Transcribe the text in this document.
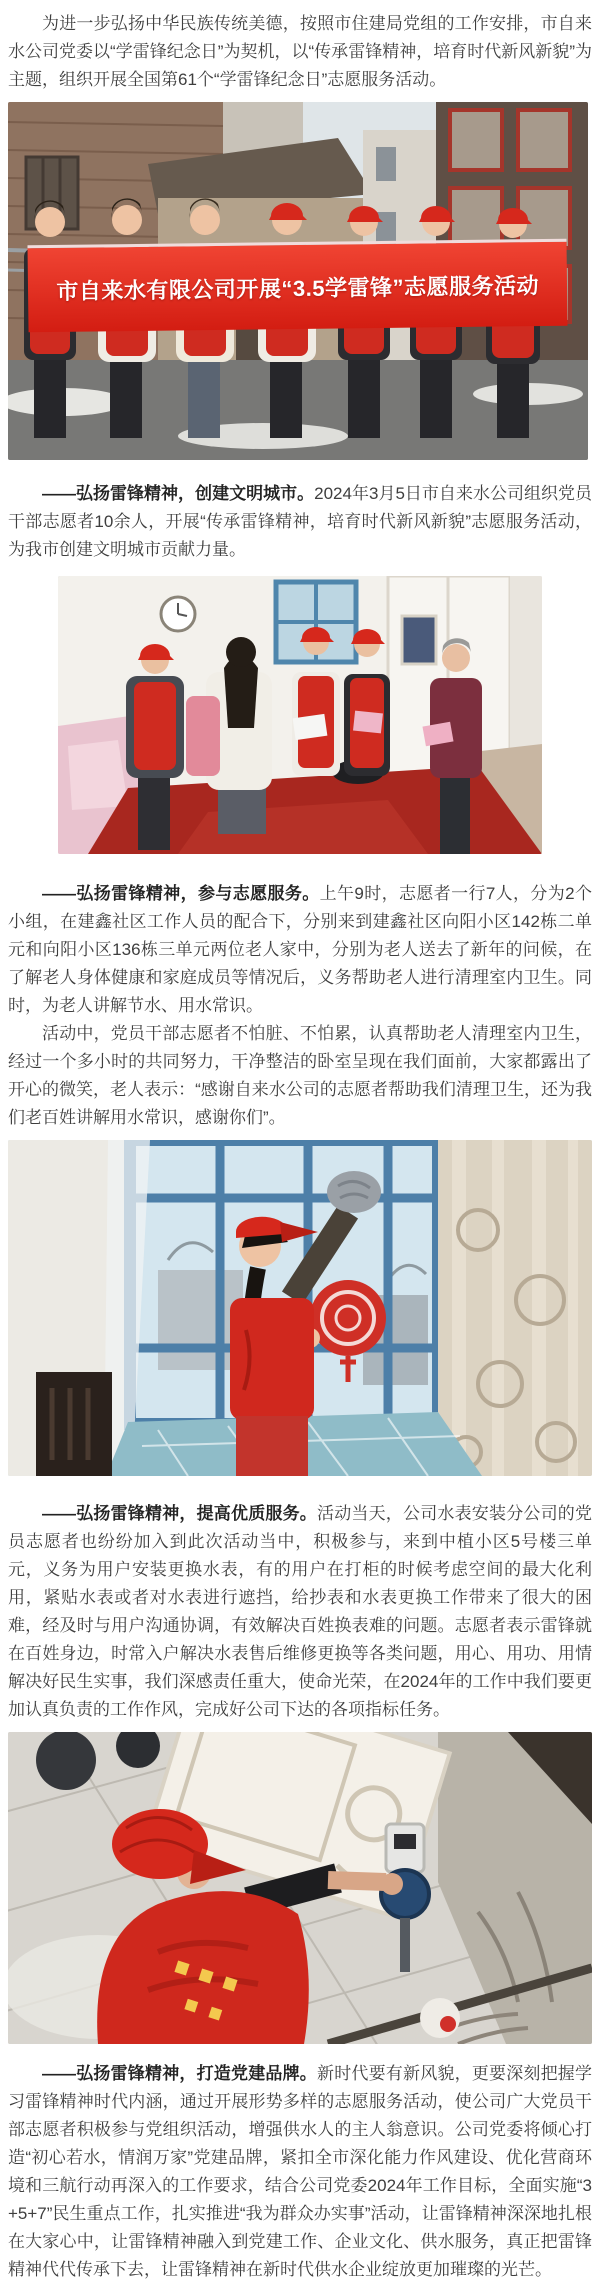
为进一步弘扬中华民族传统美德，按照市住建局党组的工作安排，市自来水公司党委以“学雷锋纪念日”为契机，以“传承雷锋精神，培育时代新风新貌”为主题，组织开展全国第61个“学雷锋纪念日”志愿服务活动。

市自来水有限公司开展“3.5学雷锋”志愿服务活动

——弘扬雷锋精神，创建文明城市。2024年3月5日市自来水公司组织党员干部志愿者10余人，开展“传承雷锋精神，培育时代新风新貌”志愿服务活动，为我市创建文明城市贡献力量。

——弘扬雷锋精神，参与志愿服务。上午9时，志愿者一行7人，分为2个小组，在建鑫社区工作人员的配合下，分别来到建鑫社区向阳小区142栋二单元和向阳小区136栋三单元两位老人家中，分别为老人送去了新年的问候，在了解老人身体健康和家庭成员等情况后，义务帮助老人进行清理室内卫生。同时，为老人讲解节水、用水常识。

活动中，党员干部志愿者不怕脏、不怕累，认真帮助老人清理室内卫生，经过一个多小时的共同努力，干净整洁的卧室呈现在我们面前，大家都露出了开心的微笑，老人表示：“感谢自来水公司的志愿者帮助我们清理卫生，还为我们老百姓讲解用水常识，感谢你们”。

——弘扬雷锋精神，提高优质服务。活动当天，公司水表安装分公司的党员志愿者也纷纷加入到此次活动当中，积极参与，来到中植小区5号楼三单元，义务为用户安装更换水表，有的用户在打柜的时候考虑空间的最大化利用，紧贴水表或者对水表进行遮挡，给抄表和水表更换工作带来了很大的困难，经及时与用户沟通协调，有效解决百姓换表难的问题。志愿者表示雷锋就在百姓身边，时常入户解决水表售后维修更换等各类问题，用心、用功、用情解决好民生实事，我们深感责任重大，使命光荣，在2024年的工作中我们要更加认真负责的工作作风，完成好公司下达的各项指标任务。

——弘扬雷锋精神，打造党建品牌。新时代要有新风貌，更要深刻把握学习雷锋精神时代内涵，通过开展形势多样的志愿服务活动，使公司广大党员干部志愿者积极参与党组织活动，增强供水人的主人翁意识。公司党委将倾心打造“初心若水，情润万家”党建品牌，紧扣全市深化能力作风建设、优化营商环境和三航行动再深入的工作要求，结合公司党委2024年工作目标，全面实施“3+5+7”民生重点工作，扎实推进“我为群众办实事”活动，让雷锋精神深深地扎根在大家心中，让雷锋精神融入到党建工作、企业文化、供水服务，真正把雷锋精神代代传承下去，让雷锋精神在新时代供水企业绽放更加璀璨的光芒。
